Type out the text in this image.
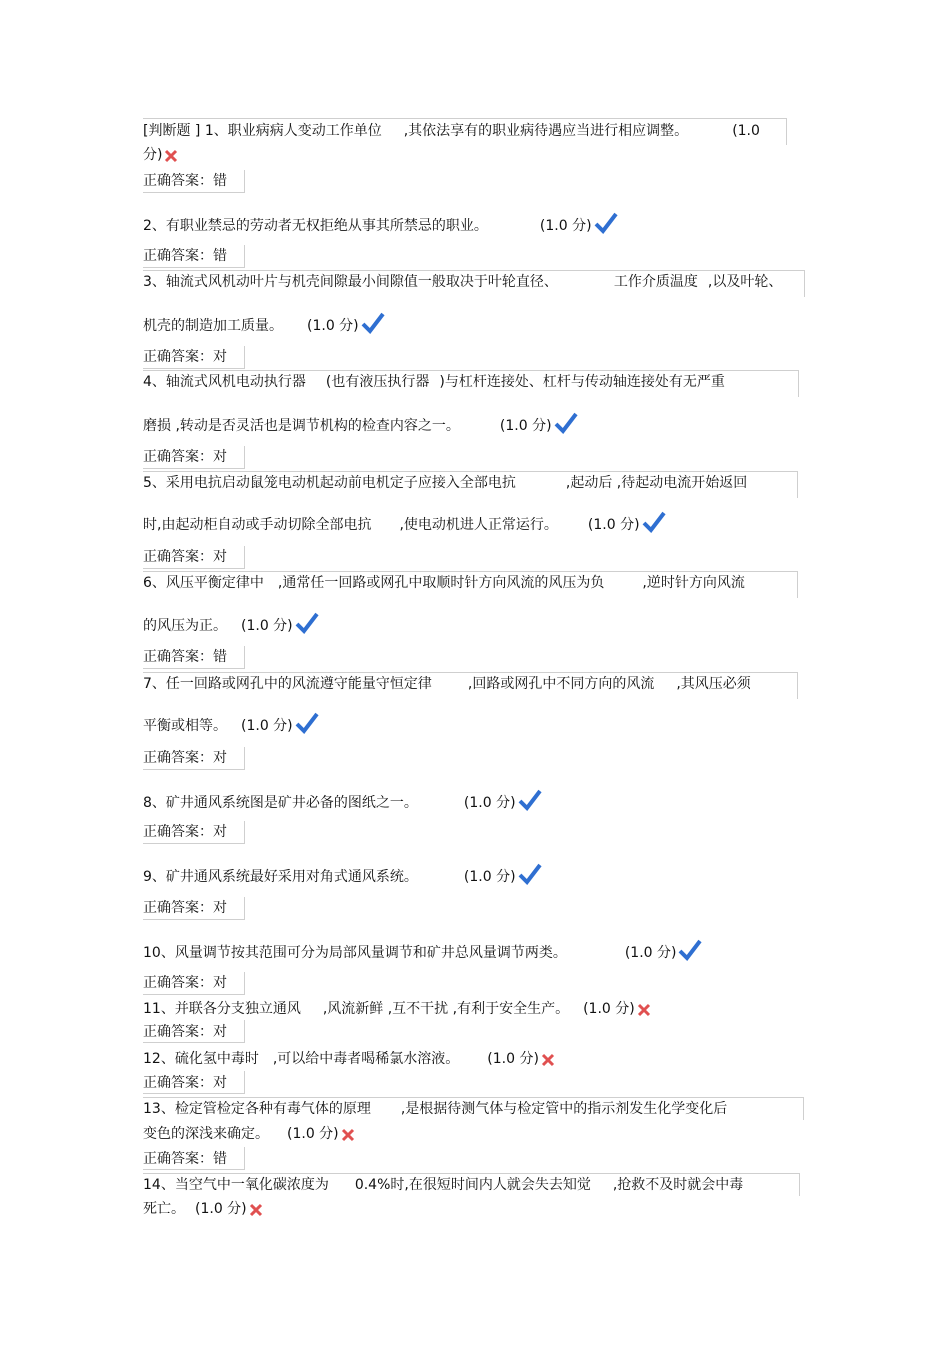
[判断题 ] 1、职业病病人变动工作单位 ,其依法享有的职业病待遇应当进行相应调整。	(1.0
分)
正确答案：错
2、有职业禁忌的劳动者无权拒绝从事其所禁忌的职业。	(1.0 分)
正确答案：错
3、轴流式风机动叶片与机壳间隙最小间隙值一般取决于叶轮直径、	工作介质温度 ,以及叶轮、
机壳的制造加工质量。 (1.0 分)
正确答案：对
4、轴流式风机电动执行器 (也有液压执行器 )与杠杆连接处、杠杆与传动轴连接处有无严重
磨损 ,转动是否灵活也是调节机构的检查内容之一。	(1.0 分)
正确答案：对
5、采用电抗启动鼠笼电动机起动前电机定子应接入全部电抗	,起动后 ,待起动电流开始返回
时,由起动柜自动或手动切除全部电抗 ,使电动机进人正常运行。 (1.0 分)
正确答案：对
6、风压平衡定律中 ,通常任一回路或网孔中取顺时针方向风流的风压为负	,逆时针方向风流
的风压为正。 (1.0 分)
正确答案：错
7、任一回路或网孔中的风流遵守能量守恒定律	,回路或网孔中不同方向的风流 ,其风压必须
平衡或相等。 (1.0 分)
正确答案：对
8、矿井通风系统图是矿井必备的图纸之一。	(1.0 分)
正确答案：对
9、矿井通风系统最好采用对角式通风系统。	(1.0 分)
正确答案：对
10、风量调节按其范围可分为局部风量调节和矿井总风量调节两类。	(1.0 分)
正确答案：对
11、并联各分支独立通风 ,风流新鲜 ,互不干扰 ,有利于安全生产。 (1.0 分)
正确答案：对
12、硫化氢中毒时 ,可以给中毒者喝稀氯水溶液。 (1.0 分)
正确答案：对
13、检定管检定各种有毒气体的原理 ,是根据待测气体与检定管中的指示剂发生化学变化后
变色的深浅来确定。 (1.0 分)
正确答案：错
14、当空气中一氧化碳浓度为 0.4%时,在很短时间内人就会失去知觉 ,抢救不及时就会中毒
死亡。 (1.0 分)
